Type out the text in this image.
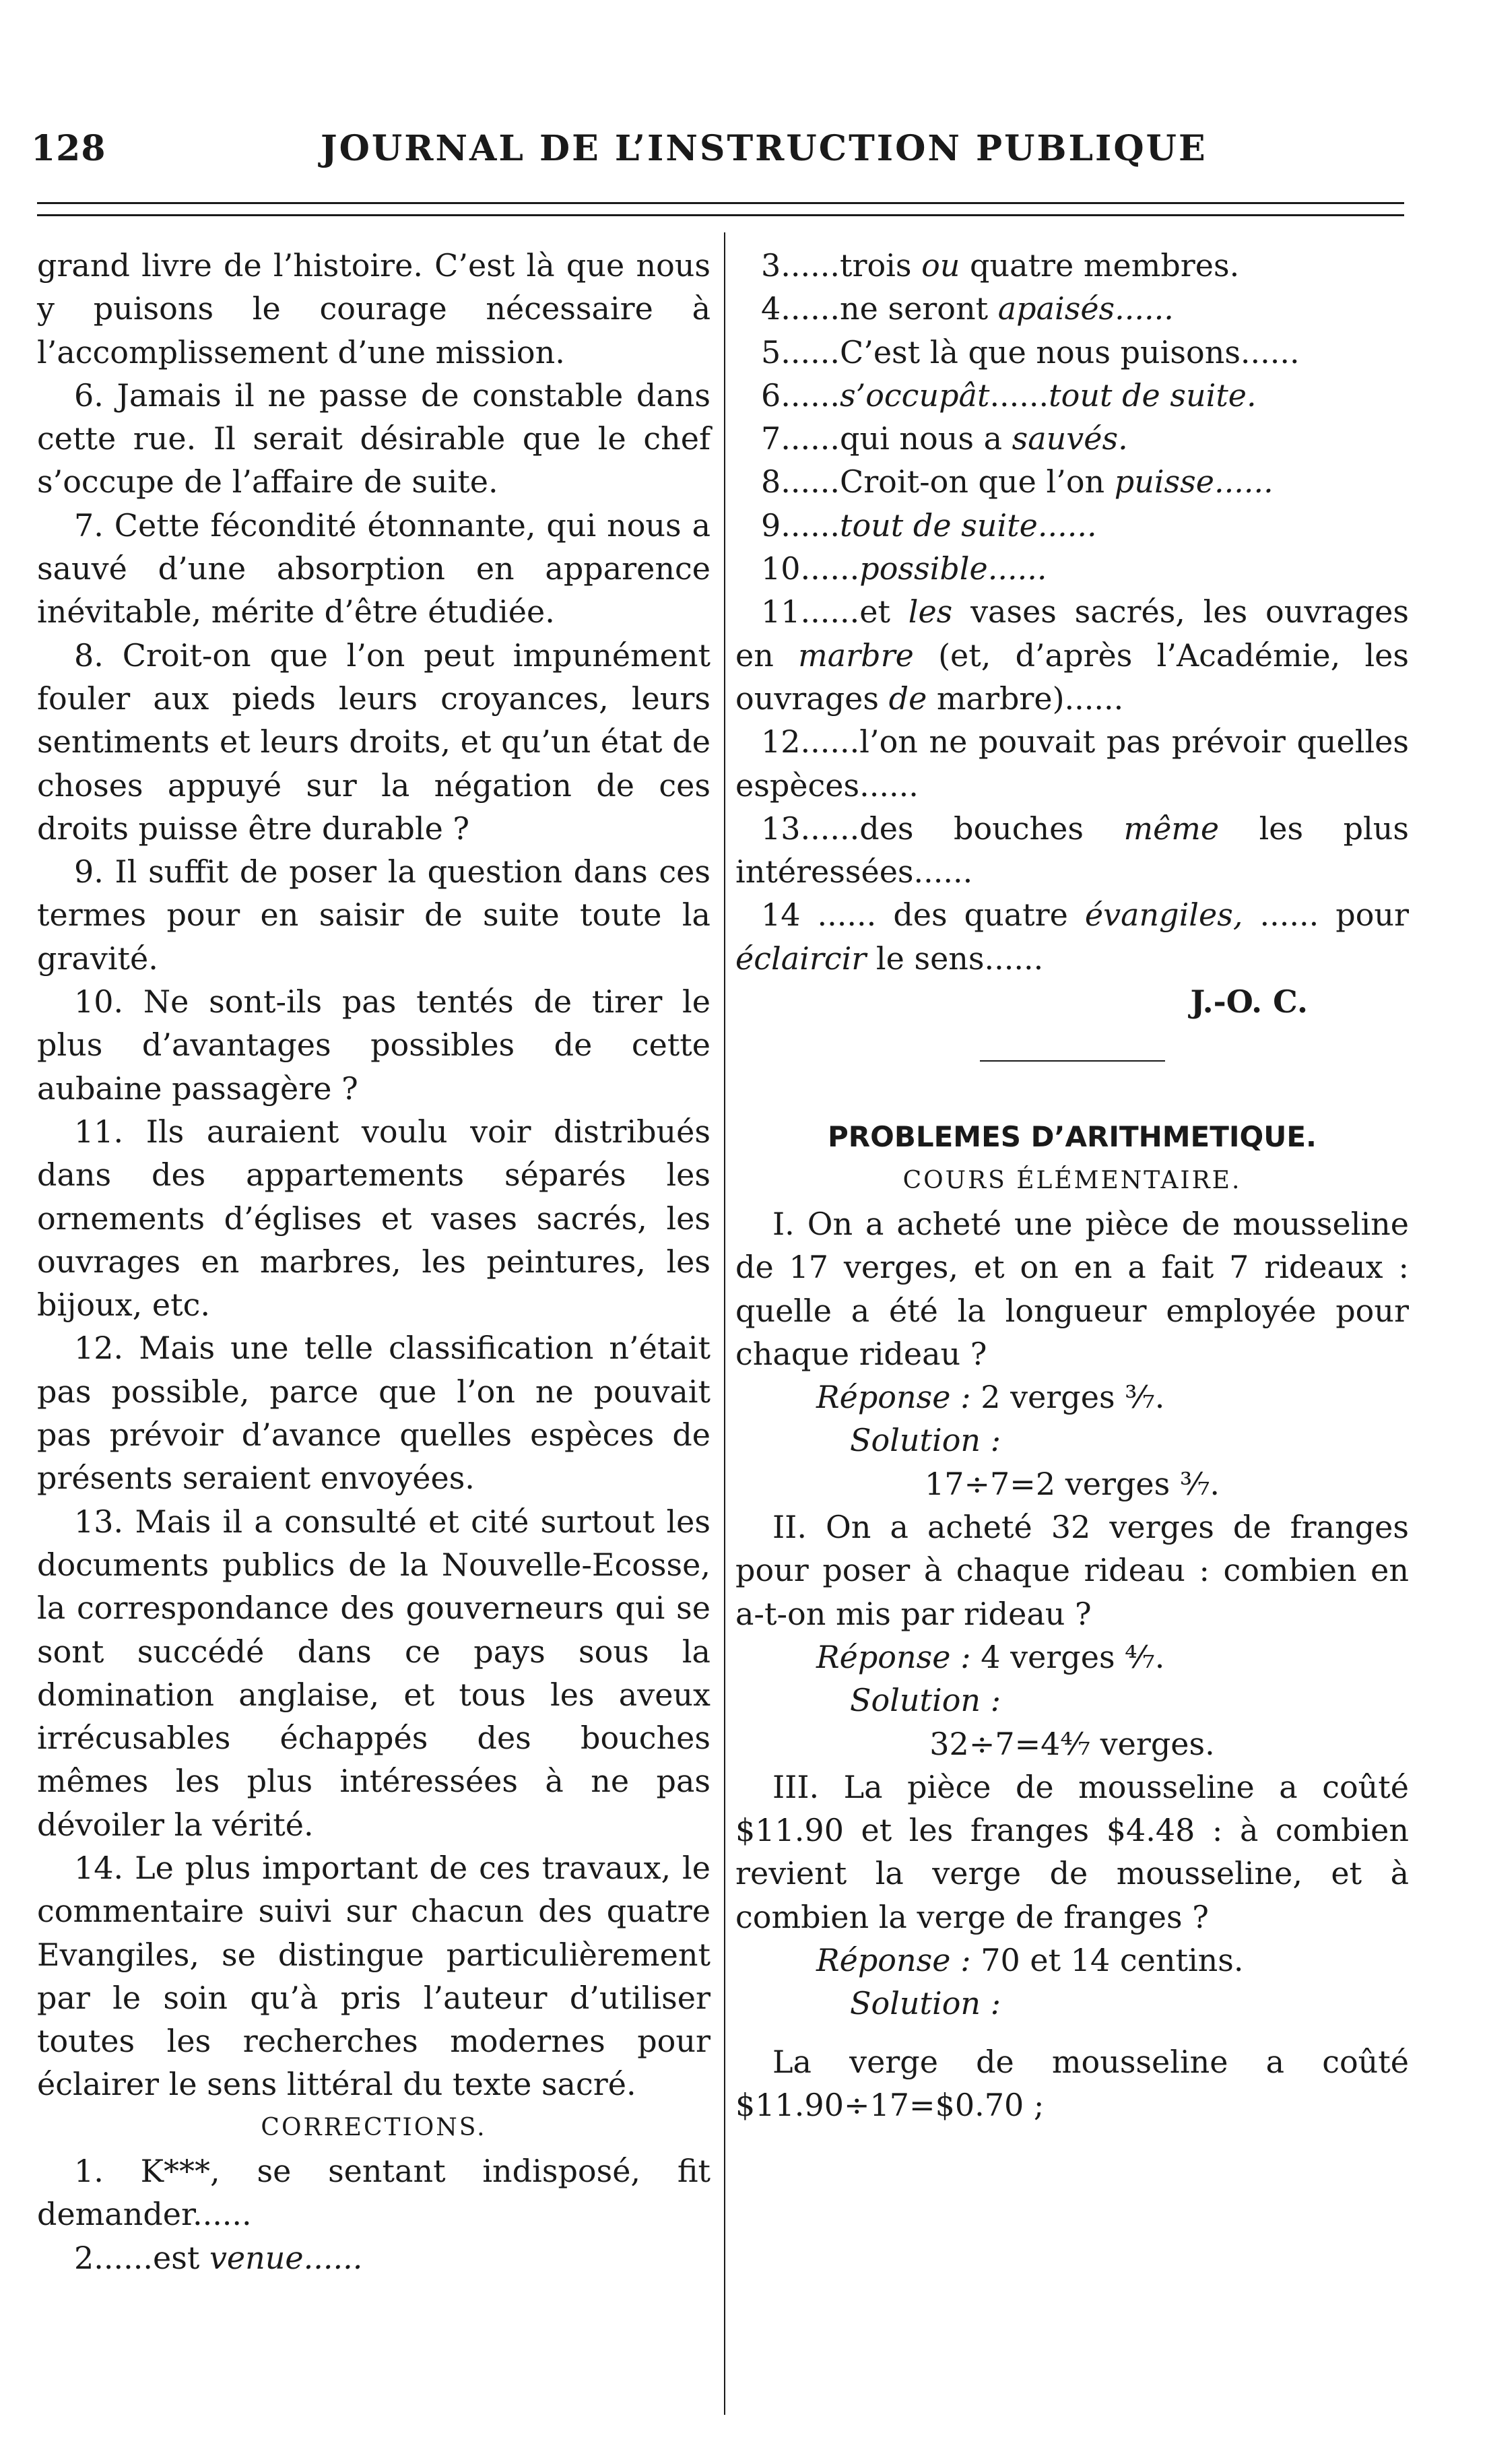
128	JOURNAL DE L’INSTRUCTION PUBLIQUE

grand livre de l’histoire. C’est là que nous y puisons le courage nécessaire à l’accomplissement d’une mission.

6. Jamais il ne passe de constable dans cette rue. Il serait désirable que le chef s’occupe de l’affaire de suite.

7. Cette fécondité étonnante, qui nous a sauvé d’une absorption en apparence inévitable, mérite d’être étudiée.

8. Croit-on que l’on peut impunément fouler aux pieds leurs croyances, leurs sentiments et leurs droits, et qu’un état de choses appuyé sur la négation de ces droits puisse être durable ?

9. Il suffit de poser la question dans ces termes pour en saisir de suite toute la gravité.

10. Ne sont-ils pas tentés de tirer le plus d’avantages possibles de cette aubaine passagère ?

11. Ils auraient voulu voir distribués dans des appartements séparés les ornements d’églises et vases sacrés, les ouvrages en marbres, les peintures, les bijoux, etc.

12. Mais une telle classification n’était pas possible, parce que l’on ne pouvait pas prévoir d’avance quelles espèces de présents seraient envoyées.

13. Mais il a consulté et cité surtout les documents publics de la Nouvelle-Ecosse, la correspondance des gouverneurs qui se sont succédé dans ce pays sous la domination anglaise, et tous les aveux irrécusables échappés des bouches mêmes les plus intéressées à ne pas dévoiler la vérité.

14. Le plus important de ces travaux, le commentaire suivi sur chacun des quatre Evangiles, se distingue particulièrement par le soin qu’à pris l’auteur d’utiliser toutes les recherches modernes pour éclairer le sens littéral du texte sacré.

CORRECTIONS.

1. K***, se sentant indisposé, fit demander......

2......est venue......

3......trois ou quatre membres.

4......ne seront apaisés......

5......C’est là que nous puisons......

6......s’occupât......tout de suite.

7......qui nous a sauvés.

8......Croit-on que l’on puisse......

9......tout de suite......

10......possible......

11......et les vases sacrés, les ouvrages en marbre (et, d’après l’Académie, les ouvrages de marbre)......

12......l’on ne pouvait pas prévoir quelles espèces......

13......des bouches même les plus intéressées......

14 ...... des quatre évangiles, ...... pour éclaircir le sens......

J.-O. C.

PROBLEMES D’ARITHMETIQUE.

COURS ÉLÉMENTAIRE.

I. On a acheté une pièce de mousseline de 17 verges, et on en a fait 7 rideaux : quelle a été la longueur employée pour chaque rideau ?

Réponse : 2 verges ³⁄₇.

Solution :

17÷7=2 verges ³⁄₇.

II. On a acheté 32 verges de franges pour poser à chaque rideau : combien en a-t-on mis par rideau ?

Réponse : 4 verges ⁴⁄₇.

Solution :

32÷7=4⁴⁄₇ verges.

III. La pièce de mousseline a coûté $11.90 et les franges $4.48 : à combien revient la verge de mousseline, et à combien la verge de franges ?

Réponse : 70 et 14 centins.

Solution :

La verge de mousseline a coûté $11.90÷17=$0.70 ;
